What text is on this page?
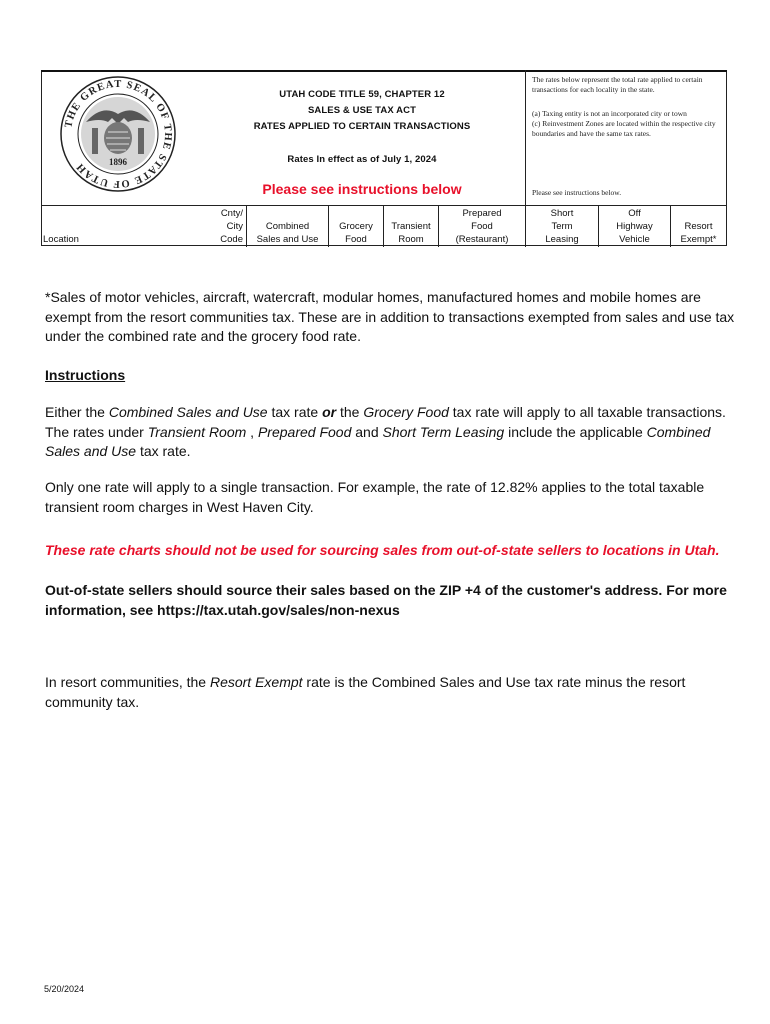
THE GREAT SEAL OF THE STATE OF UTAH	1896
UTAH CODE TITLE 59, CHAPTER 12
SALES & USE TAX ACT
RATES APPLIED TO CERTAIN TRANSACTIONS
Rates In effect as of July 1, 2024
Please see instructions below

The rates below represent the total rate applied to certain transactions for each locality in the state.

(a) Taxing entity is not an incorporated city or town

(c) Reinvestment Zones are located within the respective city boundaries and have the same tax rates.

Please see instructions below.

Location
Cnty/
City
Code
Combined
Sales and Use
Grocery
Food
Transient
Room
Prepared
Food
(Restaurant)
Short
Term
Leasing
Off
Highway
Vehicle
Resort
Exempt*
*Sales of motor vehicles, aircraft, watercraft, modular homes, manufactured homes and mobile homes are exempt from the resort communities tax. These are in addition to transactions exempted from sales and use tax under the combined rate and the grocery food rate.
Instructions
Either the Combined Sales and Use tax rate or the Grocery Food tax rate will apply to all taxable transactions. The rates under Transient Room , Prepared Food and Short Term Leasing include the applicable Combined Sales and Use tax rate.
Only one rate will apply to a single transaction. For example, the rate of 12.82% applies to the total taxable transient room charges in West Haven City.
These rate charts should not be used for sourcing sales from out-of-state sellers to locations in Utah.
Out-of-state sellers should source their sales based on the ZIP +4 of the customer's address. For more information, see https://tax.utah.gov/sales/non-nexus
In resort communities, the Resort Exempt rate is the Combined Sales and Use tax rate minus the resort community tax.
5/20/2024
